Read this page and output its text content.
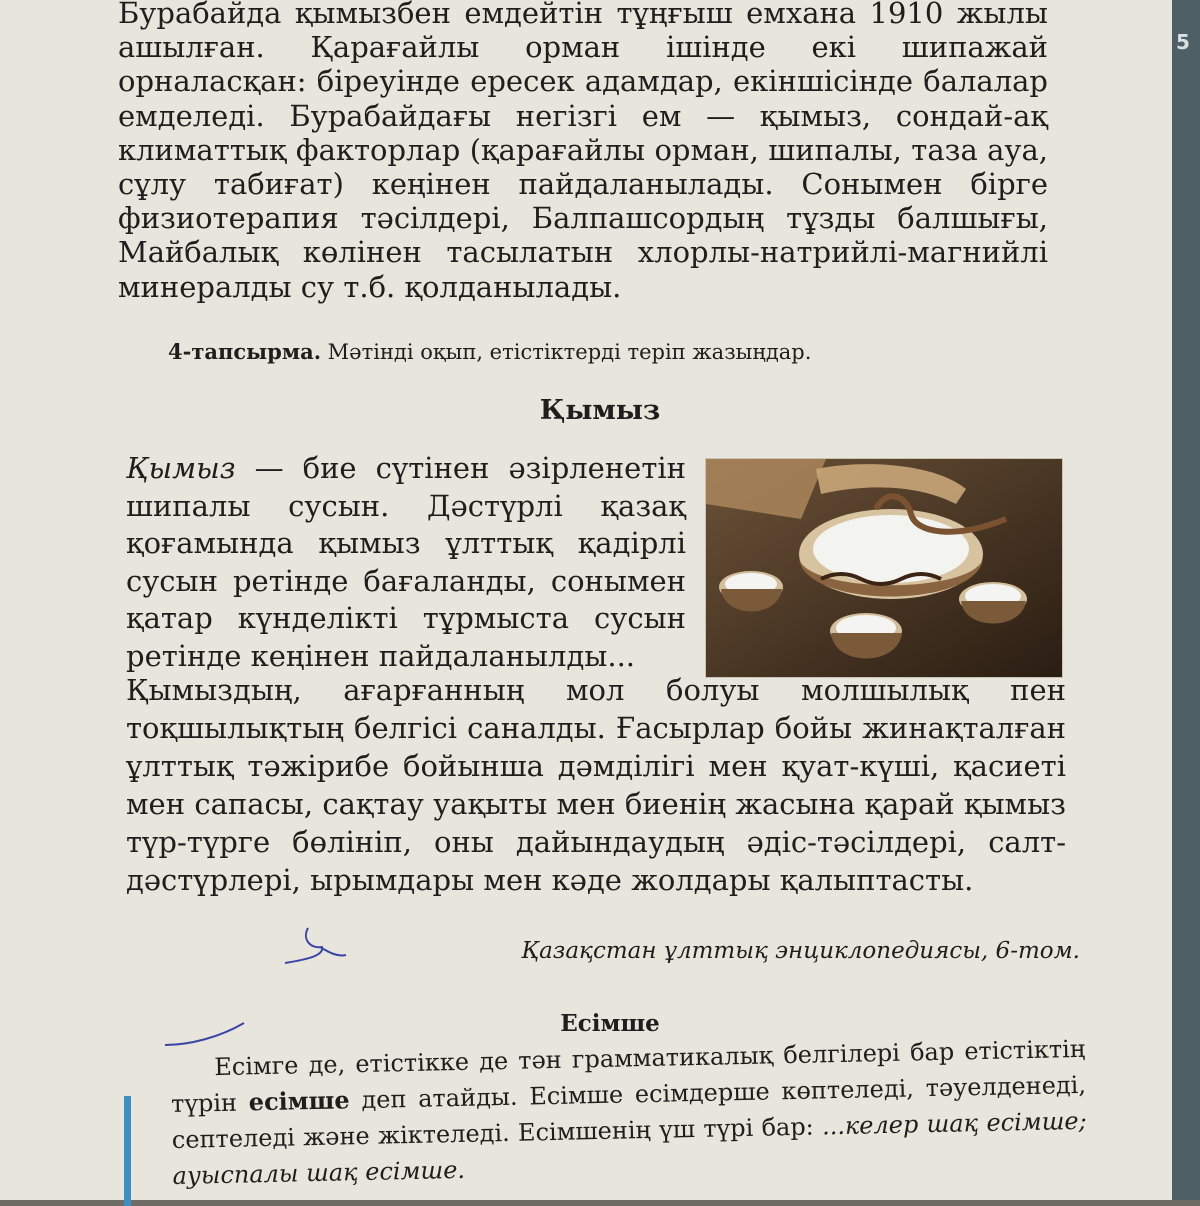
Бурабайда қымызбен емдейтін тұңғыш емхана 1910 жылы ашылған. Қарағайлы орман ішінде екі шипажай орналасқан: біреуінде ересек адамдар, екіншісінде балалар емделеді. Бурабайдағы негізгі ем — қымыз, сондай-ақ климаттық факторлар (қарағайлы орман, шипалы, таза ауа, сұлу табиғат) кеңінен пайдаланылады. Сонымен бірге физиотерапия тәсілдері, Балпашсордың тұзды балшығы, Майбалық көлінен тасылатын хлорлы-натрийлі-магнийлі минералды су т.б. қолданылады.

4-тапсырма. Мәтінді оқып, етістіктерді теріп жазыңдар.

Қымыз

Қымыз — бие сүтінен әзірленетін шипалы сусын. Дәстүрлі қазақ қоғамында қымыз ұлттық қадірлі сусын ретінде бағаланды, сонымен қатар күнделікті тұрмыста сусын ретінде кеңінен пайдаланылды...

Қымыздың, ағарғанның мол болуы молшылық пен тоқшылықтың белгісі саналды. Ғасырлар бойы жинақталған ұлттық тәжірибе бойынша дәмділігі мен қуат-күші, қасиеті мен сапасы, сақтау уақыты мен биенің жасына қарай қымыз түр-түрге бөлініп, оны дайындаудың әдіс-тәсілдері, салт-дәстүрлері, ырымдары мен кәде жолдары қалыптасты.

Қазақстан ұлттық энциклопедиясы, 6-том.

Есімше

Есімге де, етістікке де тән грамматикалық белгілері бар етістіктің түрін есімше деп атайды. Есімше есімдерше көптеледі, тәуелденеді, септеледі және жіктеледі. Есімшенің үш түрі бар: ...келер шақ есімше; ауыспалы шақ есімше.

5
